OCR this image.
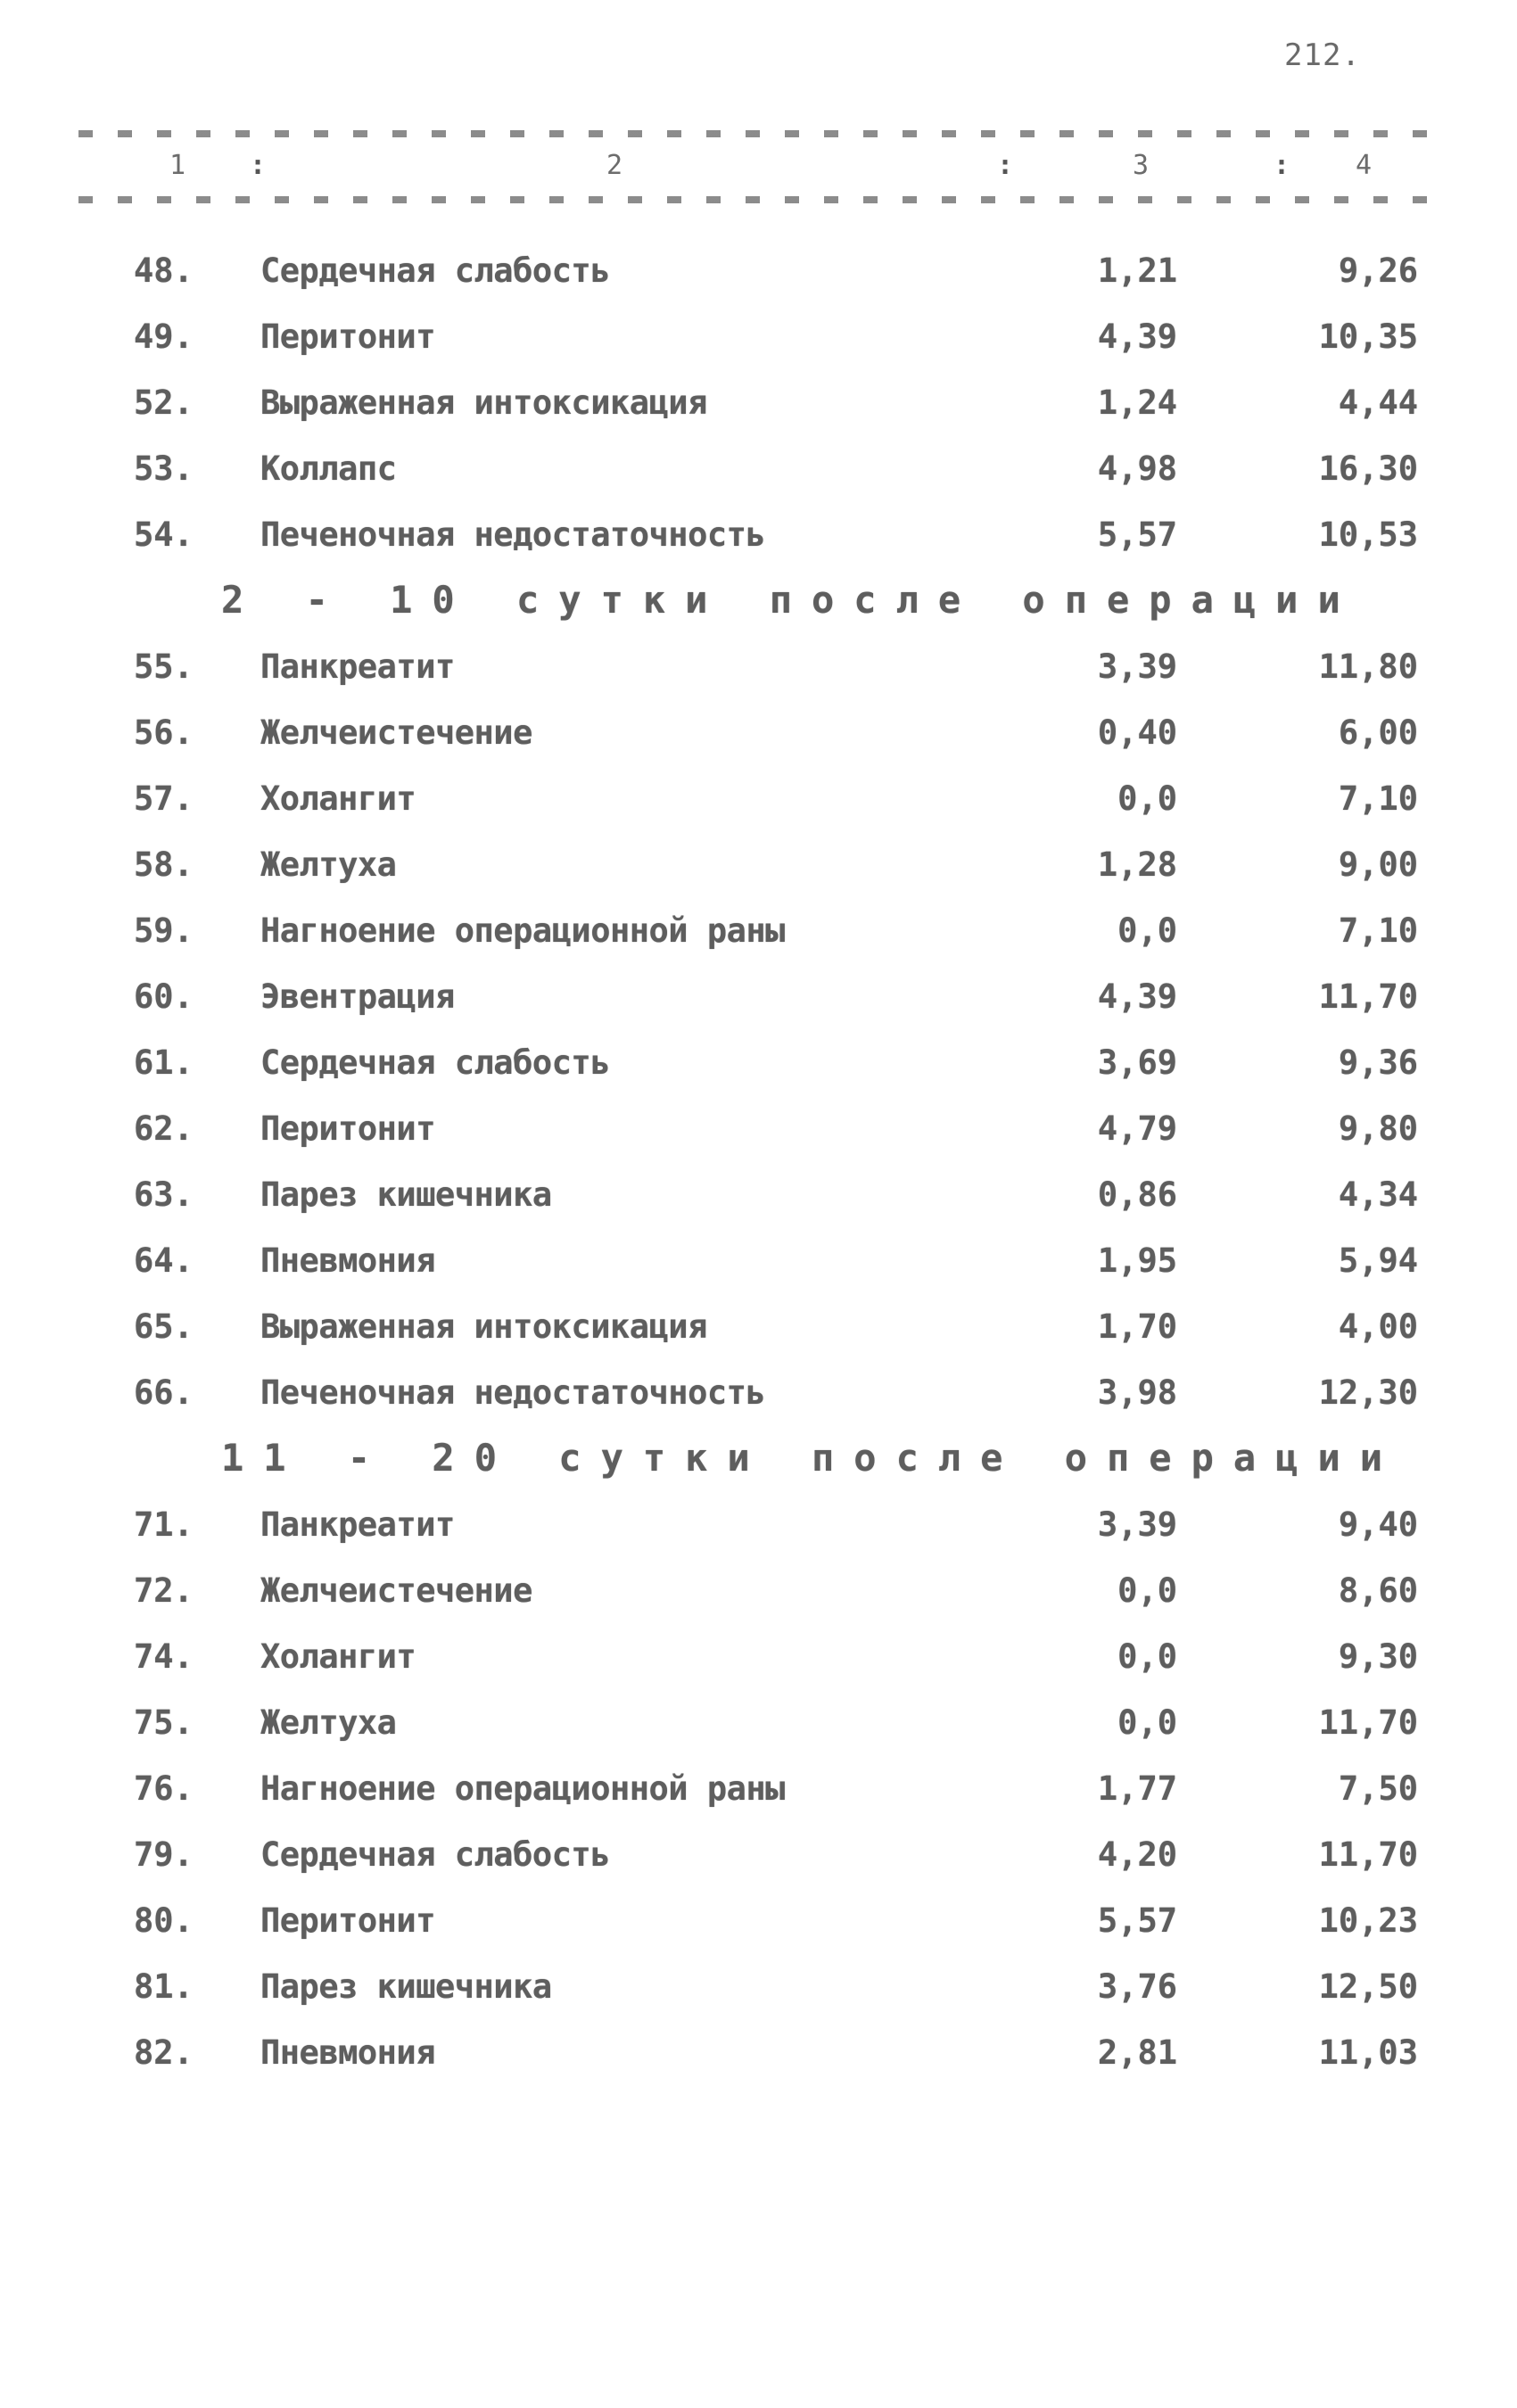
212.
1 :	2	:	3	: 4
48.	Сердечная слабость	1,21	9,26
49.	Перитонит	4,39	10,35
52.	Выраженная интоксикация	1,24	4,44
53.	Коллапс	4,98	16,30
54.	Печеночная недостаточность	5,57	10,53
2 - 10 сутки после операции
55.	Панкреатит	3,39	11,80
56.	Желчеистечение	0,40	6,00
57.	Холангит	0,0	7,10
58.	Желтуха	1,28	9,00
59.	Нагноение операционной раны	0,0	7,10
60.	Эвентрация	4,39	11,70
61.	Сердечная слабость	3,69	9,36
62.	Перитонит	4,79	9,80
63.	Парез кишечника	0,86	4,34
64.	Пневмония	1,95	5,94
65.	Выраженная интоксикация	1,70	4,00
66.	Печеночная недостаточность	3,98	12,30
11 - 20 сутки после операции
71.	Панкреатит	3,39	9,40
72.	Желчеистечение	0,0	8,60
74.	Холангит	0,0	9,30
75.	Желтуха	0,0	11,70
76.	Нагноение операционной раны	1,77	7,50
79.	Сердечная слабость	4,20	11,70
80.	Перитонит	5,57	10,23
81.	Парез кишечника	3,76	12,50
82.	Пневмония	2,81	11,03
